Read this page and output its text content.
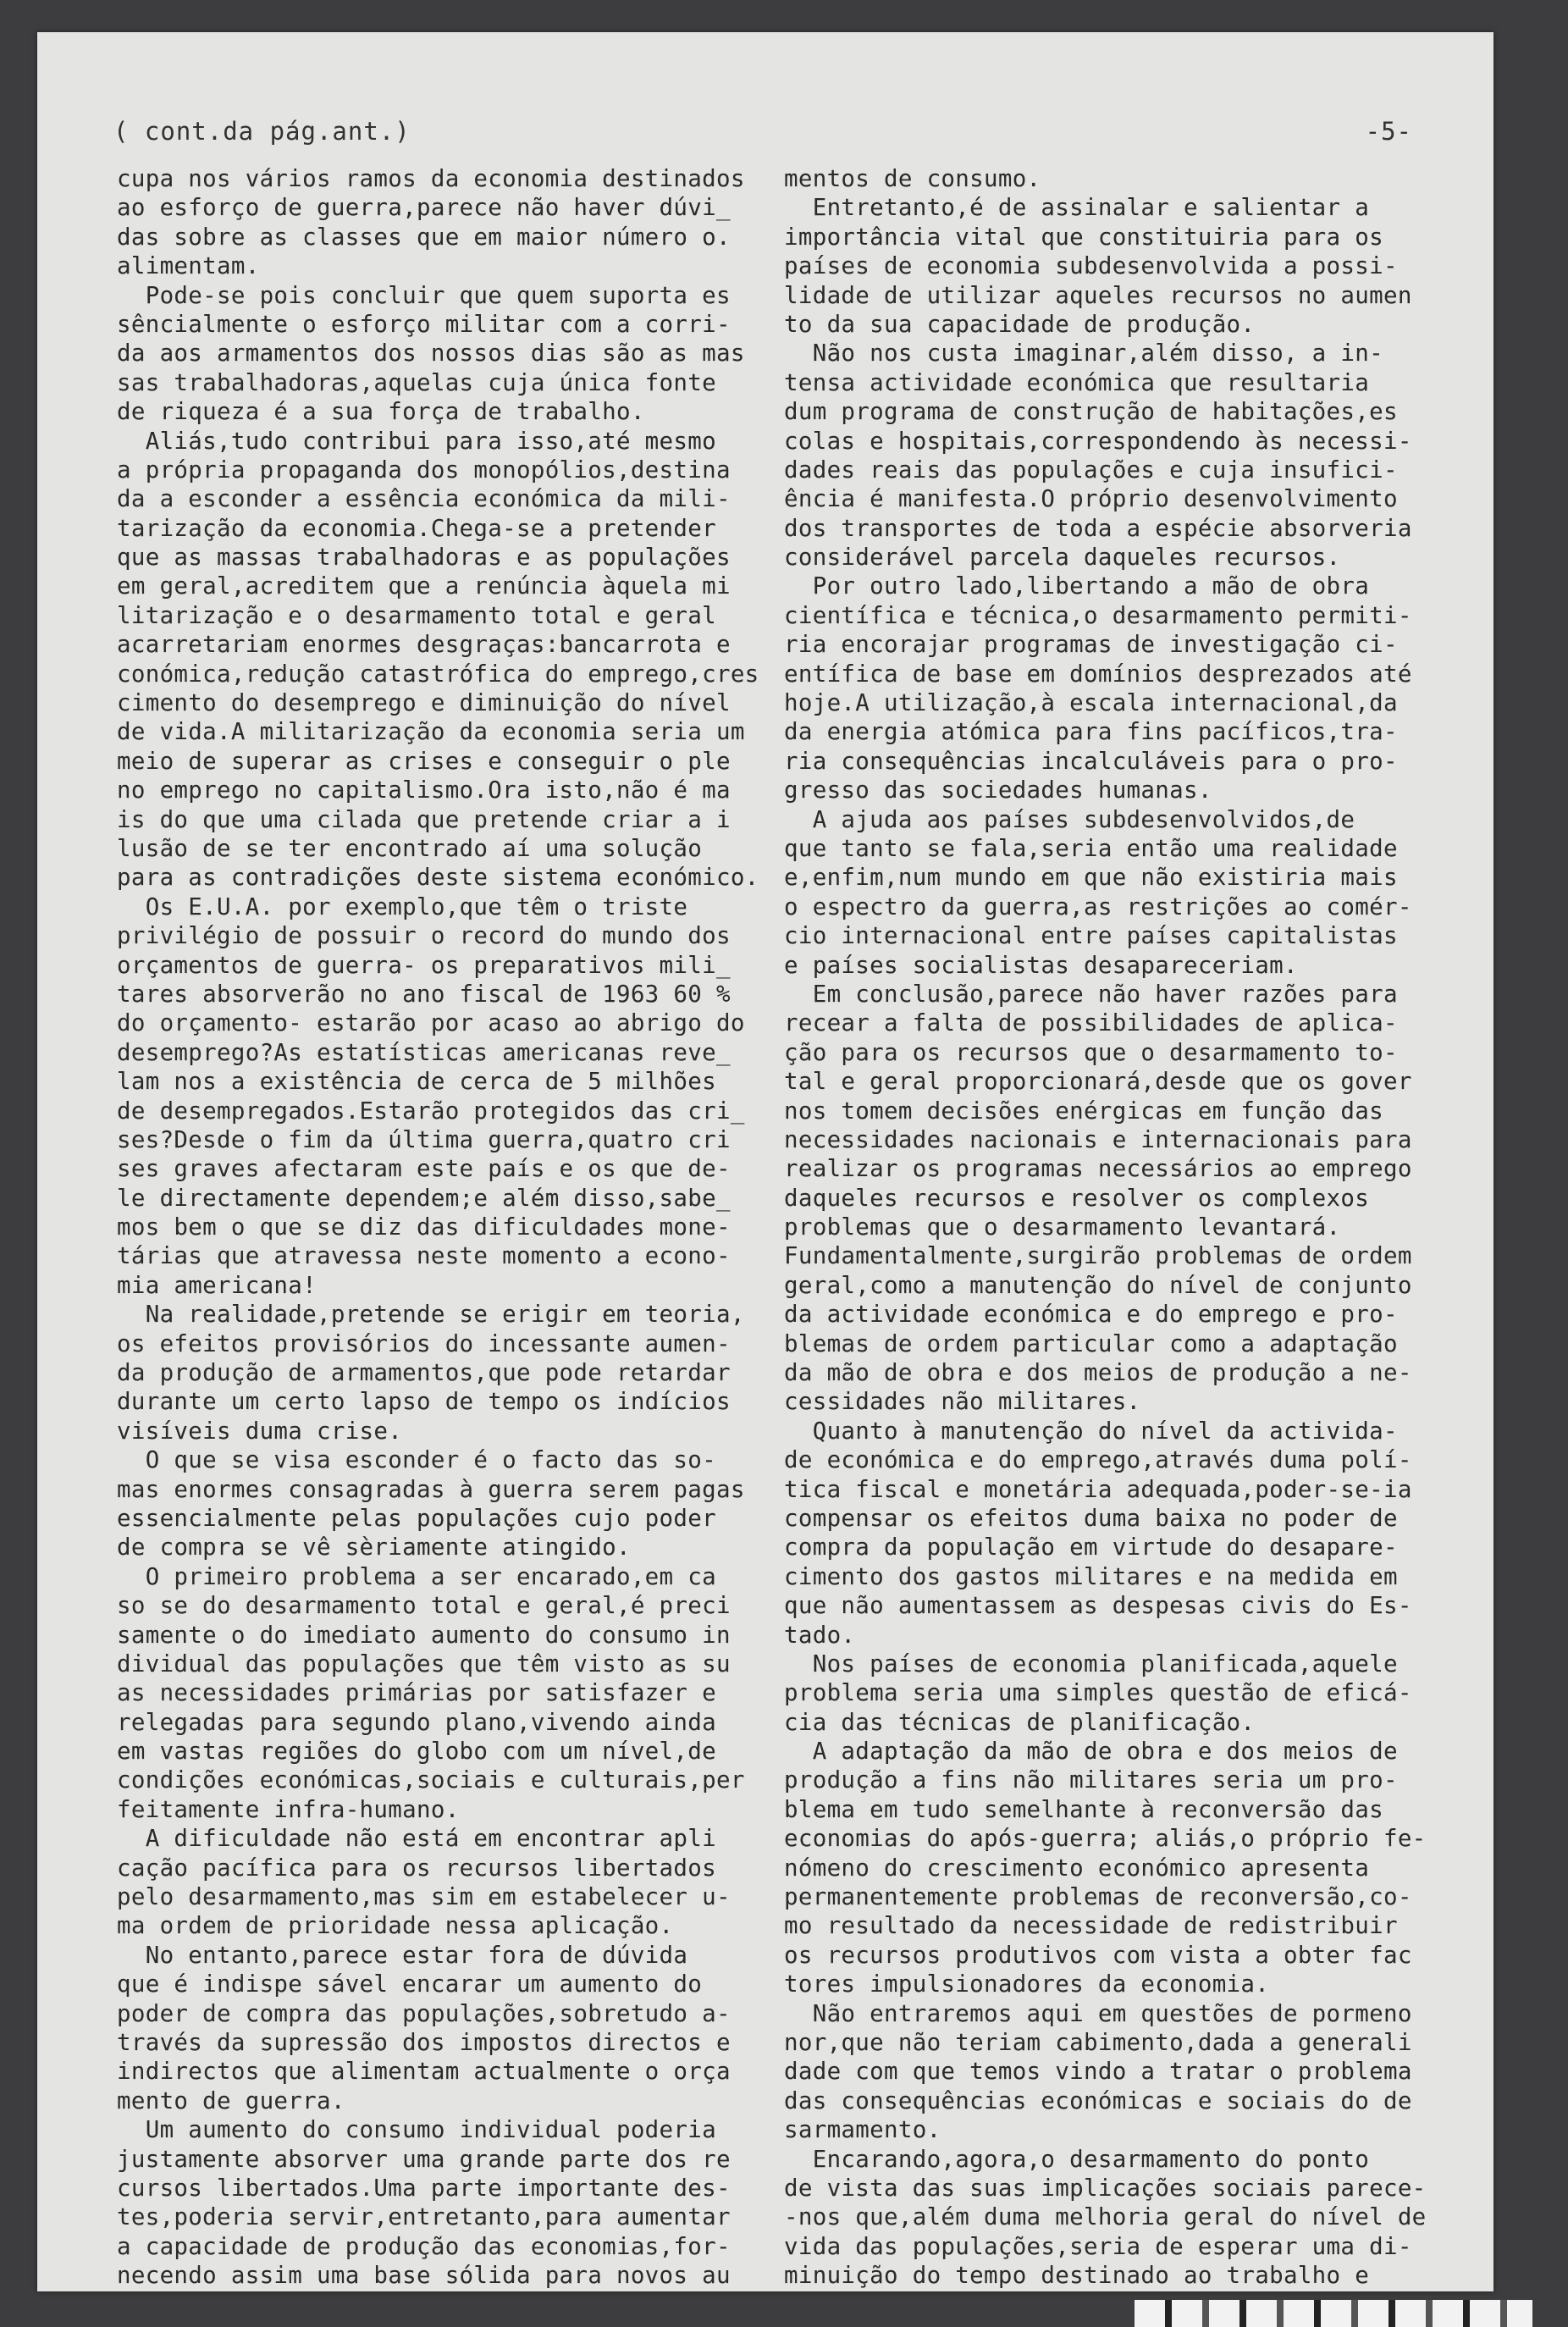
( cont.da pág.ant.)	-5-
cupa nos vários ramos da economia destinados
ao esforço de guerra,parece não haver dúvi_
das sobre as classes que em maior número o.
alimentam.
Pode-se pois concluir que quem suporta es
sêncialmente o esforço militar com a corri-
da aos armamentos dos nossos dias são as mas
sas trabalhadoras,aquelas cuja única fonte
de riqueza é a sua força de trabalho.
Aliás,tudo contribui para isso,até mesmo
a própria propaganda dos monopólios,destina
da a esconder a essência económica da mili-
tarização da economia.Chega-se a pretender
que as massas trabalhadoras e as populações
em geral,acreditem que a renúncia àquela mi
litarização e o desarmamento total e geral
acarretariam enormes desgraças:bancarrota e
conómica,redução catastrófica do emprego,cres
cimento do desemprego e diminuição do nível
de vida.A militarização da economia seria um
meio de superar as crises e conseguir o ple
no emprego no capitalismo.Ora isto,não é ma
is do que uma cilada que pretende criar a i
lusão de se ter encontrado aí uma solução
para as contradições deste sistema económico.
Os E.U.A. por exemplo,que têm o triste
privilégio de possuir o record do mundo dos
orçamentos de guerra- os preparativos mili_
tares absorverão no ano fiscal de 1963 60 %
do orçamento- estarão por acaso ao abrigo do
desemprego?As estatísticas americanas reve_
lam nos a existência de cerca de 5 milhões
de desempregados.Estarão protegidos das cri_
ses?Desde o fim da última guerra,quatro cri
ses graves afectaram este país e os que de-
le directamente dependem;e além disso,sabe_
mos bem o que se diz das dificuldades mone-
tárias que atravessa neste momento a econo-
mia americana!
Na realidade,pretende se erigir em teoria,
os efeitos provisórios do incessante aumen-
da produção de armamentos,que pode retardar
durante um certo lapso de tempo os indícios
visíveis duma crise.
O que se visa esconder é o facto das so-
mas enormes consagradas à guerra serem pagas
essencialmente pelas populações cujo poder
de compra se vê sèriamente atingido.
O primeiro problema a ser encarado,em ca
so se do desarmamento total e geral,é preci
samente o do imediato aumento do consumo in
dividual das populações que têm visto as su
as necessidades primárias por satisfazer e
relegadas para segundo plano,vivendo ainda
em vastas regiões do globo com um nível,de
condições económicas,sociais e culturais,per
feitamente infra-humano.
A dificuldade não está em encontrar apli
cação pacífica para os recursos libertados
pelo desarmamento,mas sim em estabelecer u-
ma ordem de prioridade nessa aplicação.
No entanto,parece estar fora de dúvida
que é indispe sável encarar um aumento do
poder de compra das populações,sobretudo a-
través da supressão dos impostos directos e
indirectos que alimentam actualmente o orça
mento de guerra.
Um aumento do consumo individual poderia
justamente absorver uma grande parte dos re
cursos libertados.Uma parte importante des-
tes,poderia servir,entretanto,para aumentar
a capacidade de produção das economias,for-
necendo assim uma base sólida para novos au
mentos de consumo.
Entretanto,é de assinalar e salientar a
importância vital que constituiria para os
países de economia subdesenvolvida a possi-
lidade de utilizar aqueles recursos no aumen
to da sua capacidade de produção.
Não nos custa imaginar,além disso, a in-
tensa actividade económica que resultaria
dum programa de construção de habitações,es
colas e hospitais,correspondendo às necessi-
dades reais das populações e cuja insufici-
ência é manifesta.O próprio desenvolvimento
dos transportes de toda a espécie absorveria
considerável parcela daqueles recursos.
Por outro lado,libertando a mão de obra
científica e técnica,o desarmamento permiti-
ria encorajar programas de investigação ci-
entífica de base em domínios desprezados até
hoje.A utilização,à escala internacional,da
da energia atómica para fins pacíficos,tra-
ria consequências incalculáveis para o pro-
gresso das sociedades humanas.
A ajuda aos países subdesenvolvidos,de
que tanto se fala,seria então uma realidade
e,enfim,num mundo em que não existiria mais
o espectro da guerra,as restrições ao comér-
cio internacional entre países capitalistas
e países socialistas desapareceriam.
Em conclusão,parece não haver razões para
recear a falta de possibilidades de aplica-
ção para os recursos que o desarmamento to-
tal e geral proporcionará,desde que os gover
nos tomem decisões enérgicas em função das
necessidades nacionais e internacionais para
realizar os programas necessários ao emprego
daqueles recursos e resolver os complexos
problemas que o desarmamento levantará.
Fundamentalmente,surgirão problemas de ordem
geral,como a manutenção do nível de conjunto
da actividade económica e do emprego e pro-
blemas de ordem particular como a adaptação
da mão de obra e dos meios de produção a ne-
cessidades não militares.
Quanto à manutenção do nível da activida-
de económica e do emprego,através duma polí-
tica fiscal e monetária adequada,poder-se-ia
compensar os efeitos duma baixa no poder de
compra da população em virtude do desapare-
cimento dos gastos militares e na medida em
que não aumentassem as despesas civis do Es-
tado.
Nos países de economia planificada,aquele
problema seria uma simples questão de eficá-
cia das técnicas de planificação.
A adaptação da mão de obra e dos meios de
produção a fins não militares seria um pro-
blema em tudo semelhante à reconversão das
economias do após-guerra; aliás,o próprio fe-
nómeno do crescimento económico apresenta
permanentemente problemas de reconversão,co-
mo resultado da necessidade de redistribuir
os recursos produtivos com vista a obter fac
tores impulsionadores da economia.
Não entraremos aqui em questões de pormeno
nor,que não teriam cabimento,dada a generali
dade com que temos vindo a tratar o problema
das consequências económicas e sociais do de
sarmamento.
Encarando,agora,o desarmamento do ponto
de vista das suas implicações sociais parece-
-nos que,além duma melhoria geral do nível de
vida das populações,seria de esperar uma di-
minuição do tempo destinado ao trabalho e
